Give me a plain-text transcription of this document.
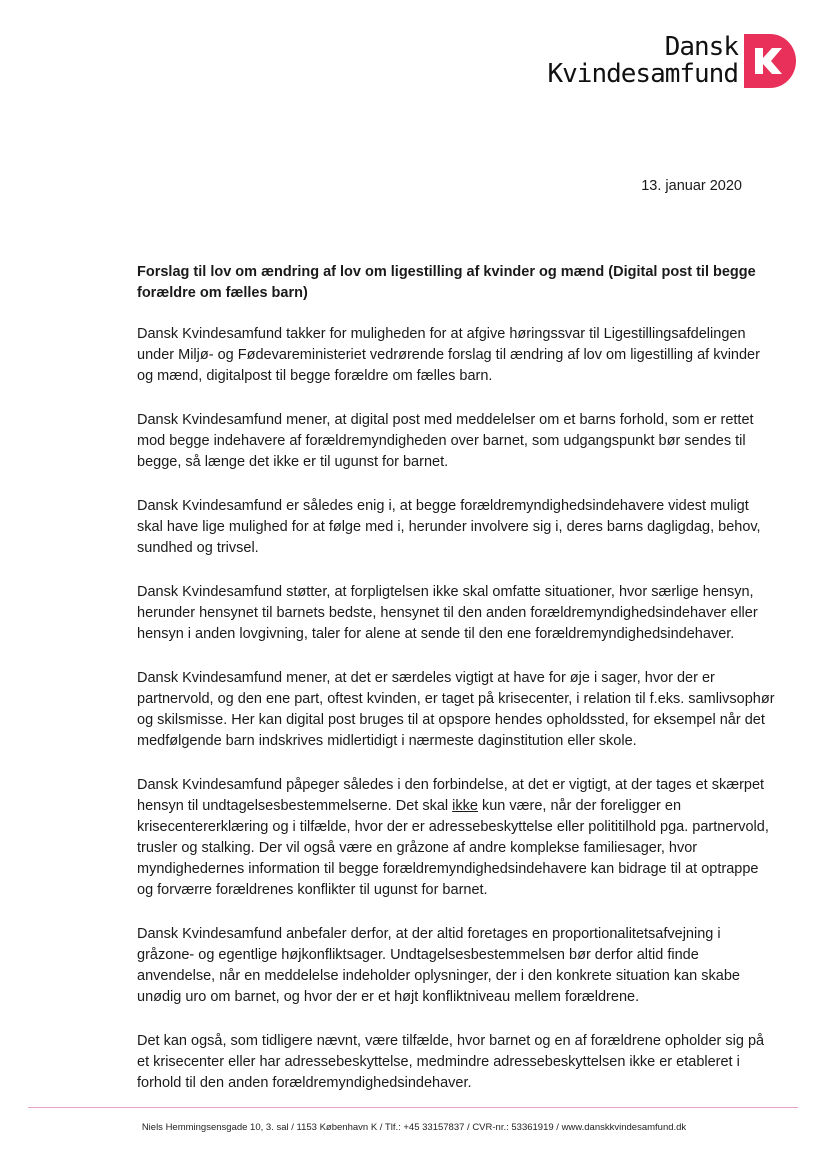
Dansk
Kvindesamfund
13. januar 2020

Forslag til lov om ændring af lov om ligestilling af kvinder og mænd (Digital post til begge forældre om fælles barn)

Dansk Kvindesamfund takker for muligheden for at afgive høringssvar til Ligestillingsafdelingen under Miljø- og Fødevareministeriet vedrørende forslag til ændring af lov om ligestilling af kvinder og mænd, digitalpost til begge forældre om fælles barn.

Dansk Kvindesamfund mener, at digital post med meddelelser om et barns forhold, som er rettet mod begge indehavere af forældremyndigheden over barnet, som udgangspunkt bør sendes til begge, så længe det ikke er til ugunst for barnet.

Dansk Kvindesamfund er således enig i, at begge forældremyndighedsindehavere videst muligt skal have lige mulighed for at følge med i, herunder involvere sig i, deres barns dagligdag, behov, sundhed og trivsel.

Dansk Kvindesamfund støtter, at forpligtelsen ikke skal omfatte situationer, hvor særlige hensyn, herunder hensynet til barnets bedste, hensynet til den anden forældremyndighedsindehaver eller hensyn i anden lovgivning, taler for alene at sende til den ene forældremyndighedsindehaver.

Dansk Kvindesamfund mener, at det er særdeles vigtigt at have for øje i sager, hvor der er partnervold, og den ene part, oftest kvinden, er taget på krisecenter, i relation til f.eks. samlivsophør og skilsmisse. Her kan digital post bruges til at opspore hendes opholdssted, for eksempel når det medfølgende barn indskrives midlertidigt i nærmeste daginstitution eller skole.

Dansk Kvindesamfund påpeger således i den forbindelse, at det er vigtigt, at der tages et skærpet hensyn til undtagelsesbestemmelserne. Det skal ikke kun være, når der foreligger en krisecentererklæring og i tilfælde, hvor der er adressebeskyttelse eller polititilhold pga. partnervold, trusler og stalking. Der vil også være en gråzone af andre komplekse familiesager, hvor myndighedernes information til begge forældremyndighedsindehavere kan bidrage til at optrappe og forværre forældrenes konflikter til ugunst for barnet.

Dansk Kvindesamfund anbefaler derfor, at der altid foretages en proportionalitetsafvejning i gråzone- og egentlige højkonfliktsager. Undtagelsesbestemmelsen bør derfor altid finde anvendelse, når en meddelelse indeholder oplysninger, der i den konkrete situation kan skabe unødig uro om barnet, og hvor der er et højt konfliktniveau mellem forældrene.

Det kan også, som tidligere nævnt, være tilfælde, hvor barnet og en af forældrene opholder sig på et krisecenter eller har adressebeskyttelse, medmindre adressebeskyttelsen ikke er etableret i forhold til den anden forældremyndighedsindehaver.

Niels Hemmingsensgade 10, 3. sal / 1153 København K / Tlf.: +45 33157837 / CVR-nr.: 53361919 / www.danskkvindesamfund.dk
